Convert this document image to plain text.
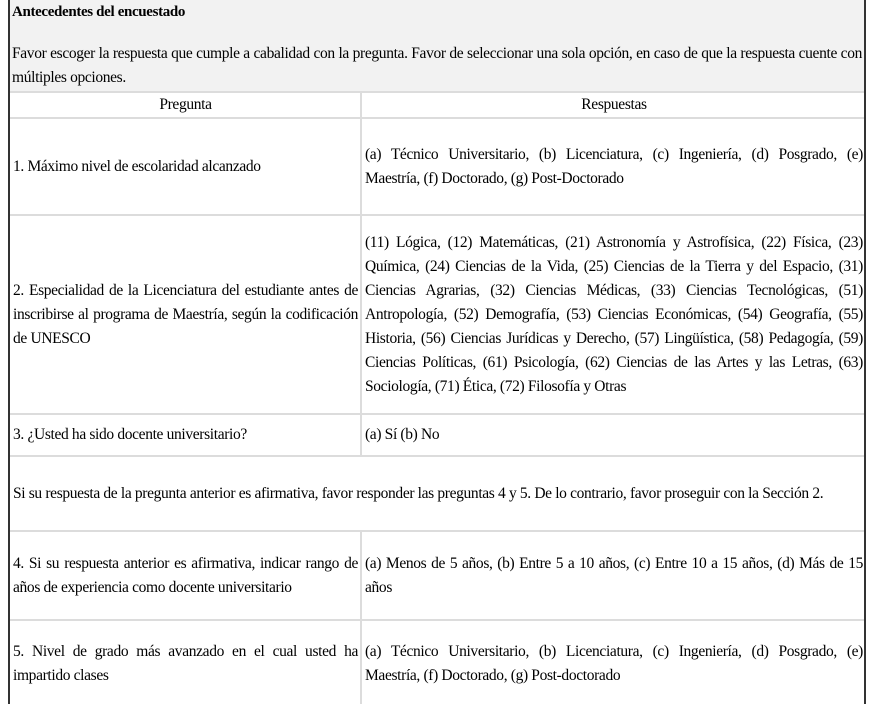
Antecedentes del encuestado
Favor escoger la respuesta que cumple a cabalidad con la pregunta. Favor de seleccionar una sola opción, en caso de que la respuesta cuente con múltiples opciones.
Pregunta	Respuestas

1. Máximo nivel de escolaridad alcanzado

(a) Técnico Universitario, (b) Licenciatura, (c) Ingeniería, (d) Posgrado, (e) Maestría, (f) Doctorado, (g) Post-Doctorado

2. Especialidad de la Licenciatura del estudiante antes de inscribirse al programa de Maestría, según la codificación de UNESCO

(11) Lógica, (12) Matemáticas, (21) Astronomía y Astrofísica, (22) Física, (23) Química, (24) Ciencias de la Vida, (25) Ciencias de la Tierra y del Espacio, (31) Ciencias Agrarias, (32) Ciencias Médicas, (33) Ciencias Tecnológicas, (51) Antropología, (52) Demografía, (53) Ciencias Económicas, (54) Geografía, (55) Historia, (56) Ciencias Jurídicas y Derecho, (57) Lingüística, (58) Pedagogía, (59) Ciencias Políticas, (61) Psicología, (62) Ciencias de las Artes y las Letras, (63) Sociología, (71) Ética, (72) Filosofía y Otras

3. ¿Usted ha sido docente universitario?	(a) Sí (b) No

Si su respuesta de la pregunta anterior es afirmativa, favor responder las preguntas 4 y 5. De lo contrario, favor proseguir con la Sección 2.

4. Si su respuesta anterior es afirmativa, indicar rango de años de experiencia como docente universitario

(a) Menos de 5 años, (b) Entre 5 a 10 años, (c) Entre 10 a 15 años, (d) Más de 15 años

5. Nivel de grado más avanzado en el cual usted ha impartido clases

(a) Técnico Universitario, (b) Licenciatura, (c) Ingeniería, (d) Posgrado, (e) Maestría, (f) Doctorado, (g) Post-doctorado
